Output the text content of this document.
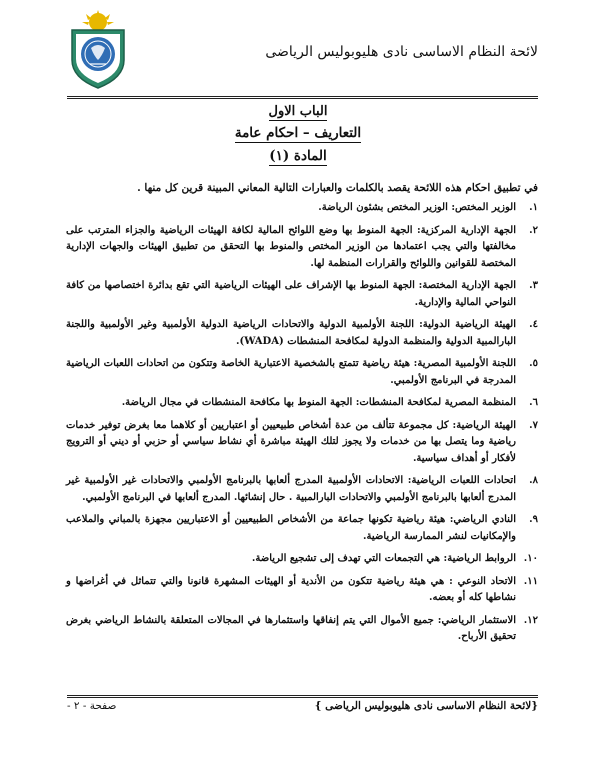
لائحة النظام الاساسى نادى هليوبوليس الرياضى
الباب الاول
التعاريف – احكام عامة
المادة (١)
في تطبيق احكام هذه اللائحة يقصد بالكلمات والعبارات التالية المعاني المبينة قرين كل منها .
١.
الوزير المختص: الوزير المختص بشئون الرياضة.
٢.
الجهة الإدارية المركزية: الجهة المنوط بها وضع اللوائح المالية لكافة الهيئات الرياضية والجزاء المترتب على مخالفتها والتي يجب اعتمادها من الوزير المختص والمنوط بها التحقق من تطبيق الهيئات والجهات الإدارية المختصة للقوانين واللوائح والقرارات المنظمة لها.
٣.
الجهة الإدارية المختصة: الجهة المنوط بها الإشراف على الهيئات الرياضية التي تقع بدائرة اختصاصها من كافة النواحي المالية والإدارية.
٤.
الهيئة الرياضية الدولية: اللجنة الأولمبية الدولية والاتحادات الرياضية الدولية الأولمبية وغير الأولمبية واللجنة البارالمبية الدولية والمنظمة الدولية لمكافحة المنشطات (WADA).
٥.
اللجنة الأولمبية المصرية: هيئة رياضية تتمتع بالشخصية الاعتبارية الخاصة وتتكون من اتحادات اللعبات الرياضية المدرجة في البرنامج الأولمبي.
٦.
المنظمة المصرية لمكافحة المنشطات: الجهة المنوط بها مكافحة المنشطات في مجال الرياضة.
٧.
الهيئة الرياضية: كل مجموعة تتألف من عدة أشخاص طبيعيين أو اعتباريين أو كلاهما معا بغرض توفير خدمات رياضية وما يتصل بها من خدمات ولا يجوز لتلك الهيئة مباشرة أي نشاط سياسي أو حزبي أو ديني أو الترويج لأفكار أو أهداف سياسية.
٨.
اتحادات اللعبات الرياضية: الاتحادات الأولمبية المدرج ألعابها بالبرنامج الأولمبي والاتحادات غير الأولمبية غير المدرج ألعابها بالبرنامج الأولمبي والاتحادات البارالمبية . حال إنشائها. المدرج ألعابها في البرنامج الأولمبي.
٩.
النادي الرياضي: هيئة رياضية تكونها جماعة من الأشخاص الطبيعيين أو الاعتباريين مجهزة بالمباني والملاعب والإمكانيات لنشر الممارسة الرياضية.
١٠.
الروابط الرياضية: هي التجمعات التي تهدف إلى تشجيع الرياضة.
١١.
الاتحاد النوعي : هي هيئة رياضية تتكون من الأندية أو الهيئات المشهرة قانونا والتي تتماثل في أغراضها و نشاطها كله أو بعضه.
١٢.
الاستثمار الرياضي: جميع الأموال التي يتم إنفاقها واستثمارها في المجالات المتعلقة بالنشاط الرياضي بغرض تحقيق الأرباح.
{لائحة النظام الاساسى نادى هليوبوليس الرياضى }
صفحة - ٢ -
